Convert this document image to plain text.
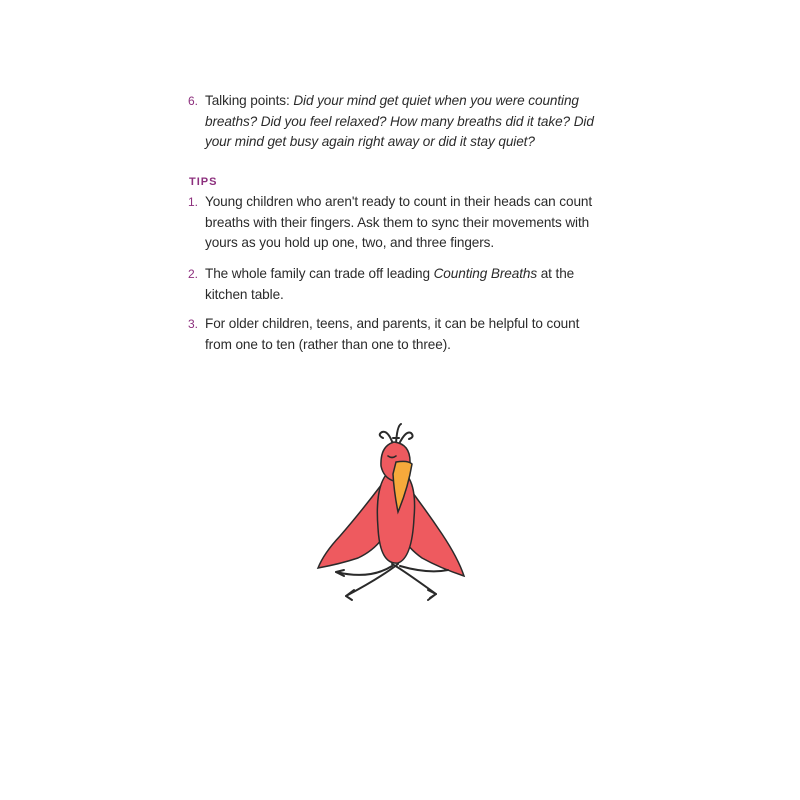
6. Talking points: Did your mind get quiet when you were counting breaths? Did you feel relaxed? How many breaths did it take? Did your mind get busy again right away or did it stay quiet?
TIPS
1. Young children who aren't ready to count in their heads can count breaths with their fingers. Ask them to sync their movements with yours as you hold up one, two, and three fingers.
2. The whole family can trade off leading Counting Breaths at the kitchen table.
3. For older children, teens, and parents, it can be helpful to count from one to ten (rather than one to three).
